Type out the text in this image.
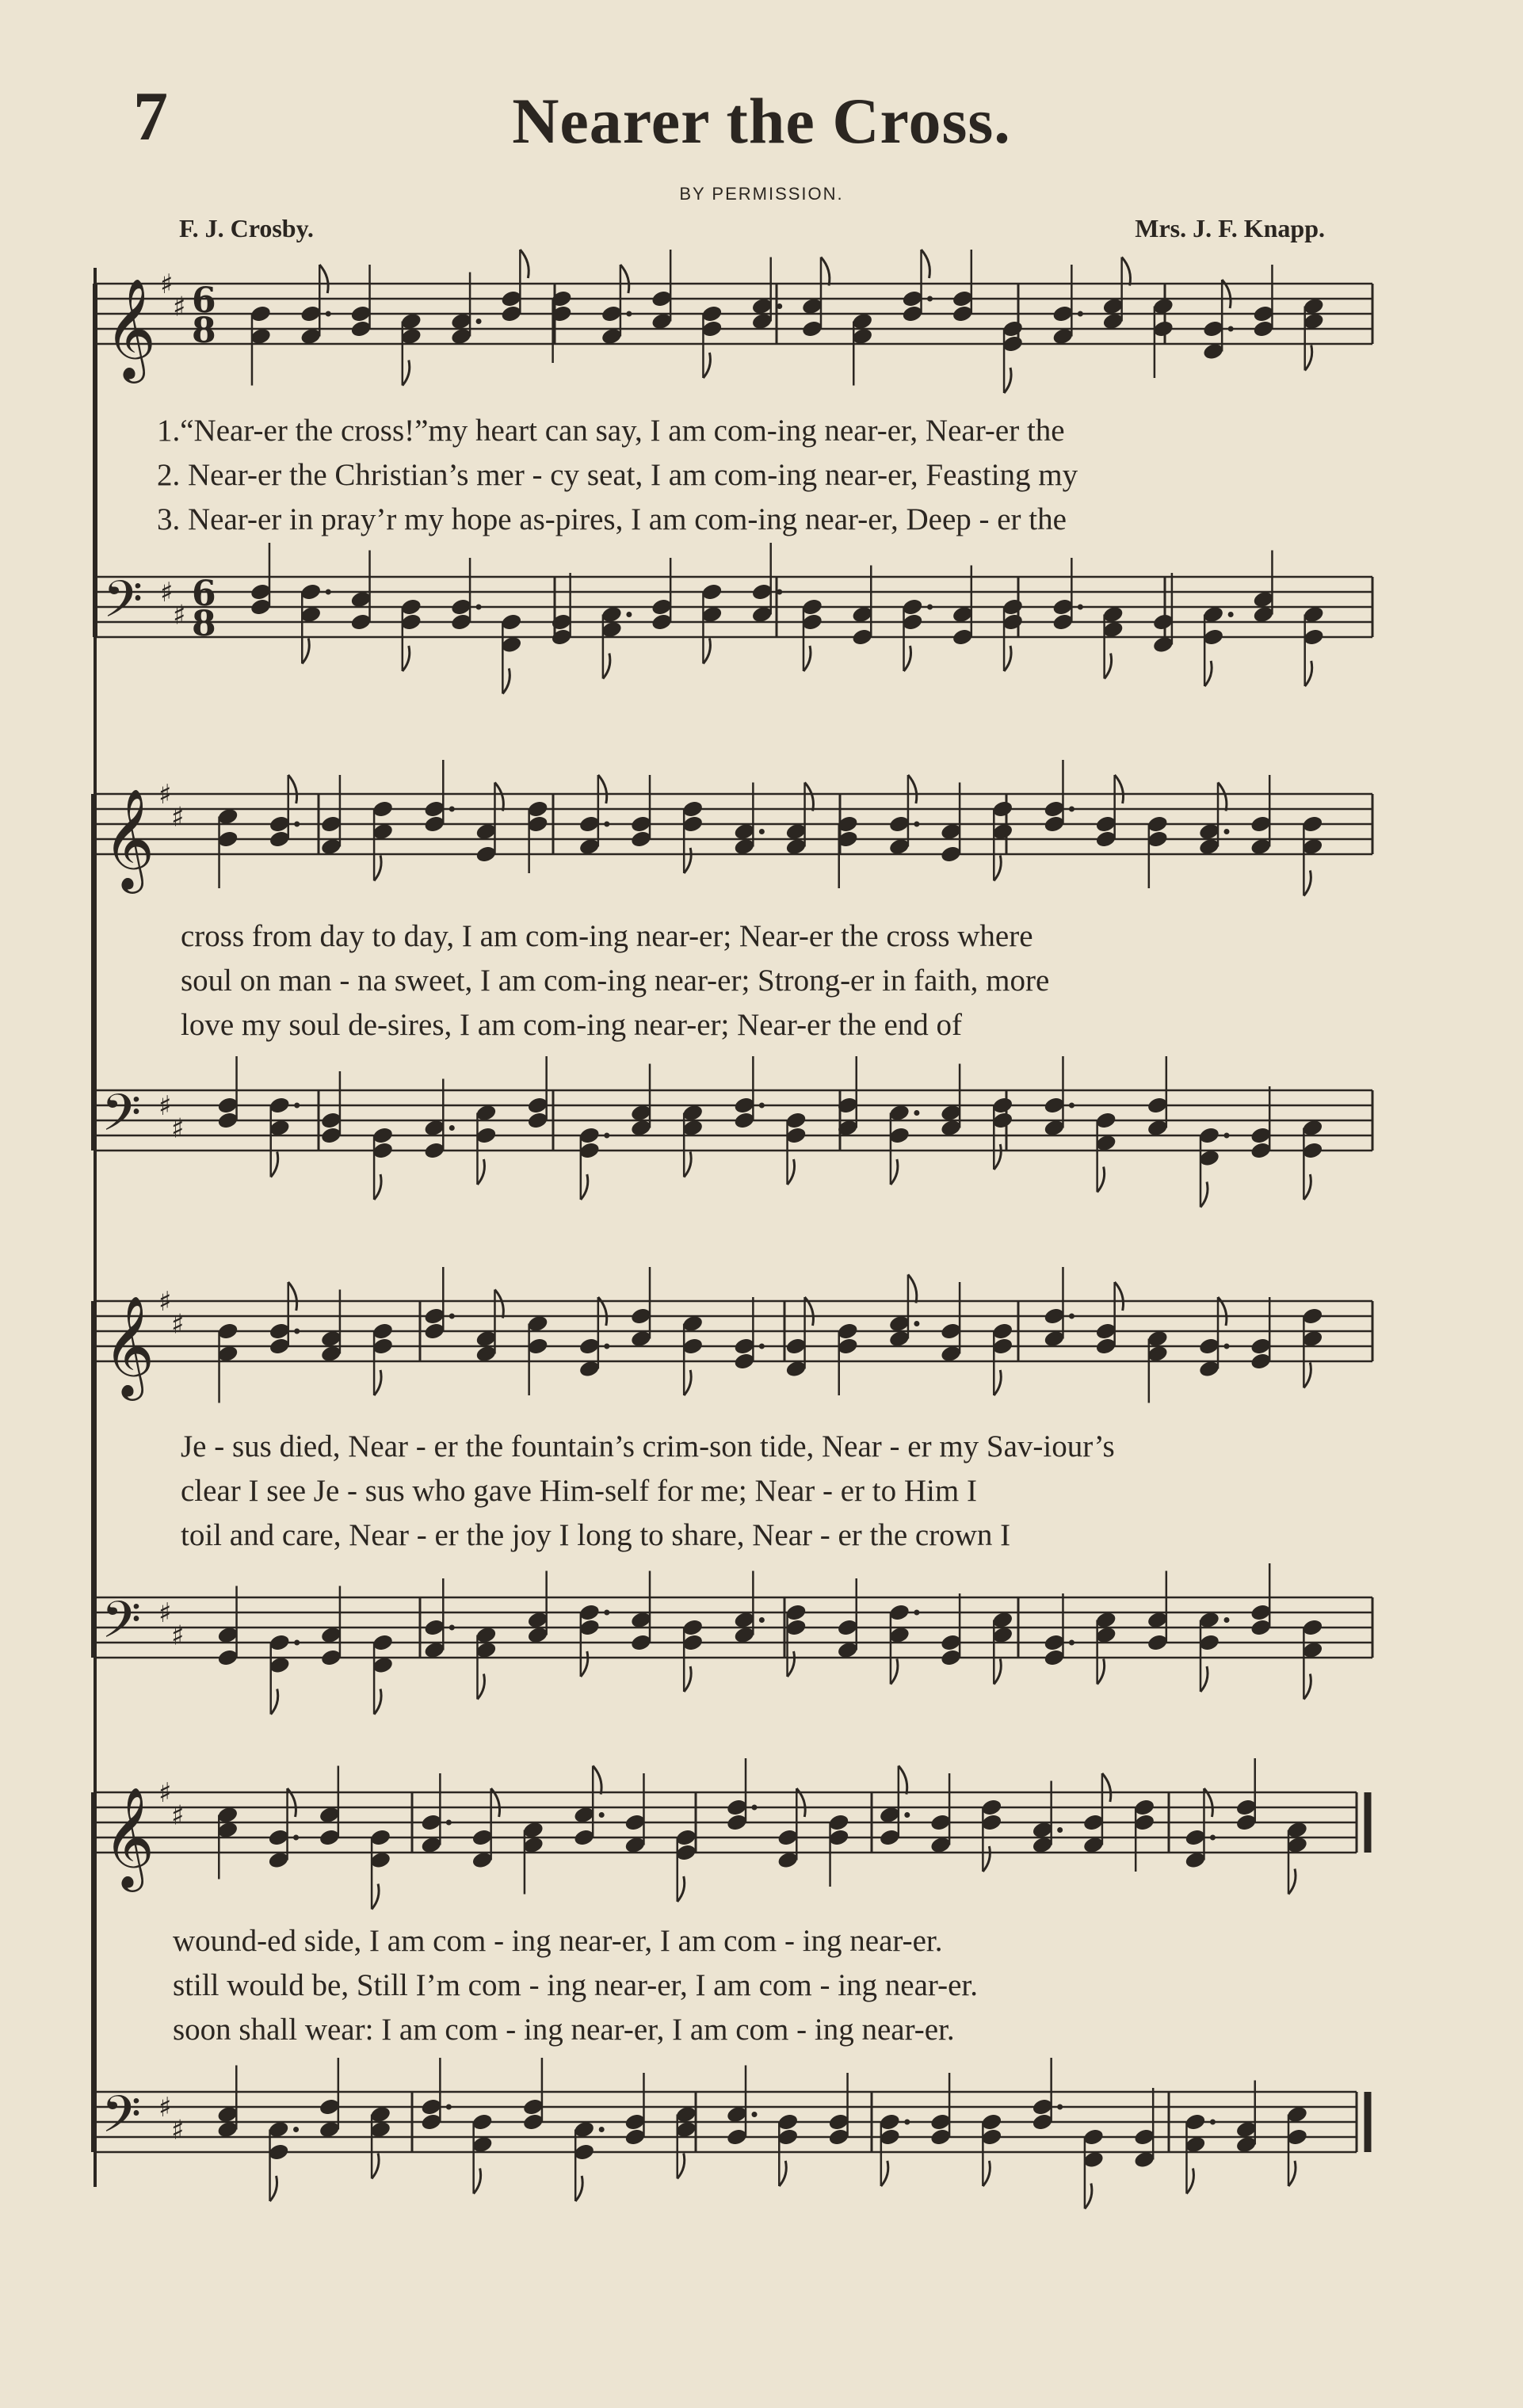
7	Nearer the Cross.
BY PERMISSION.
F. J. Crosby.	Mrs. J. F. Knapp.
♯
♯
♯
♯
𝄞
𝄢
6
8
6
8
♯
♯
♯
♯
𝄞
𝄢
♯
♯
♯
♯
𝄞
𝄢
♯
♯
♯
♯
𝄞
𝄢
1.“Near-er the cross!”my heart can say, I am com-ing near-er, Near-er the
2. Near-er the Christian’s mer - cy seat, I am com-ing near-er, Feasting my
3. Near-er in pray’r my hope as-pires, I am com-ing near-er, Deep - er the
cross from day to day, I am com-ing near-er; Near-er the cross where
soul on man - na sweet, I am com-ing near-er; Strong-er in faith, more
love my soul de-sires, I am com-ing near-er; Near-er the end of
Je - sus died, Near - er the fountain’s crim-son tide, Near - er my Sav-iour’s
clear I see Je - sus who gave Him-self for me; Near - er to Him I
toil and care, Near - er the joy I long to share, Near - er the crown I
wound-ed side, I am com - ing near-er, I am com - ing near-er.
still would be, Still I’m com - ing near-er, I am com - ing near-er.
soon shall wear: I am com - ing near-er, I am com - ing near-er.
